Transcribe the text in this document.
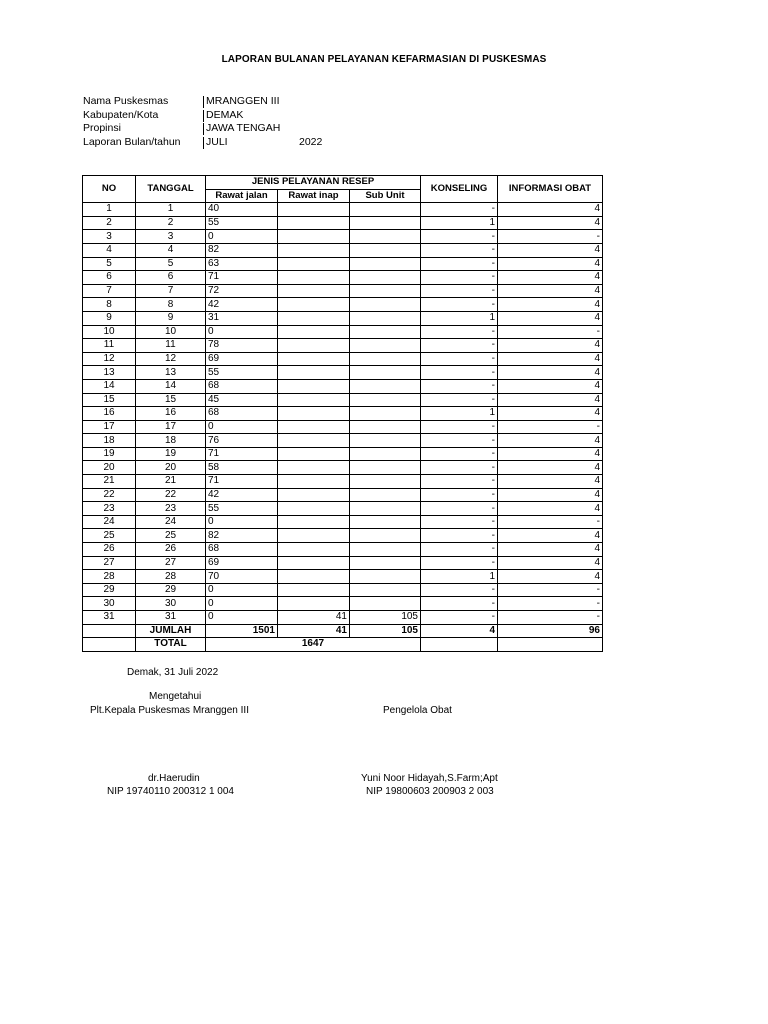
LAPORAN BULANAN PELAYANAN KEFARMASIAN DI PUSKESMAS
Nama Puskesmas	MRANGGEN III
Kabupaten/Kota	DEMAK
Propinsi	JAWA TENGAH
Laporan Bulan/tahun JULI	2022
NO	TANGGAL	JENIS PELAYANAN RESEP			KONSELING	INFORMASI OBAT
		Rawat jalan	Rawat inap	Sub Unit		
1	1	40			-	4
2	2	55			1	4
3	3	0			-	-
4	4	82			-	4
5	5	63			-	4
6	6	71			-	4
7	7	72			-	4
8	8	42			-	4
9	9	31			1	4
10	10	0			-	-
11	11	78			-	4
12	12	69			-	4
13	13	55			-	4
14	14	68			-	4
15	15	45			-	4
16	16	68			1	4
17	17	0			-	-
18	18	76			-	4
19	19	71			-	4
20	20	58			-	4
21	21	71			-	4
22	22	42			-	4
23	23	55			-	4
24	24	0			-	-
25	25	82			-	4
26	26	68			-	4
27	27	69			-	4
28	28	70			1	4
29	29	0			-	-
30	30	0			-	-
31	31	0	41	105	-	-
	JUMLAH	1501	41	105	4	96
	TOTAL	1647				
Demak, 31 Juli 2022
Mengetahui
Plt.Kepala Puskesmas Mranggen III	Pengelola Obat
dr.Haerudin
NIP 19740110 200312 1 004
Yuni Noor Hidayah,S.Farm;Apt
NIP 19800603 200903 2 003
